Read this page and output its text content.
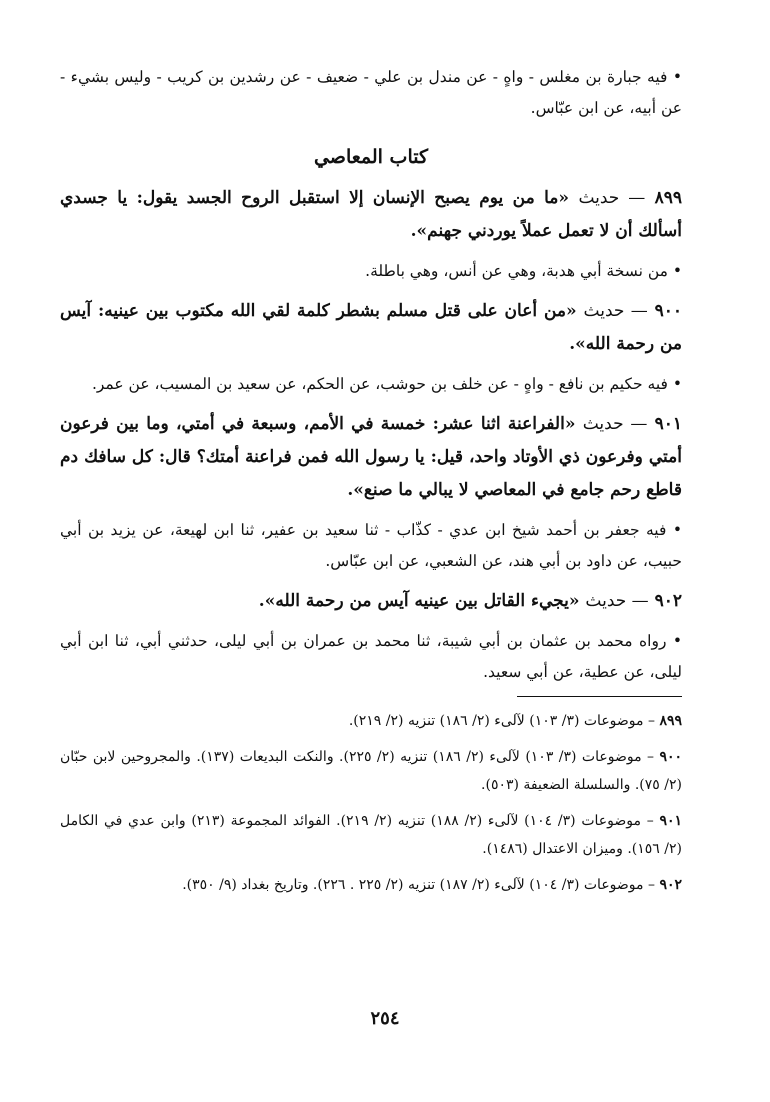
• فيه جبارة بن مغلس - واهٍ - عن مندل بن علي - ضعيف - عن رشدين بن كريب - وليس بشيء - عن أبيه، عن ابن عبّاس.

كتاب المعاصي

٨٩٩ — حديث «ما من يوم يصبح الإنسان إلا استقبل الروح الجسد يقول: يا جسدي أسألك أن لا تعمل عملاً يوردني جهنم».

• من نسخة أبي هدبة، وهي عن أنس، وهي باطلة.

٩٠٠ — حديث «من أعان على قتل مسلم بشطر كلمة لقي الله مكتوب بين عينيه: آيس من رحمة الله».

• فيه حكيم بن نافع - واهٍ - عن خلف بن حوشب، عن الحكم، عن سعيد بن المسيب، عن عمر.

٩٠١ — حديث «الفراعنة اثنا عشر: خمسة في الأمم، وسبعة في أمتي، وما بين فرعون أمتي وفرعون ذي الأوتاد واحد، قيل: يا رسول الله فمن فراعنة أمتك؟ قال: كل سافك دم قاطع رحم جامع في المعاصي لا يبالي ما صنع».

• فيه جعفر بن أحمد شيخ ابن عدي - كذّاب - ثنا سعيد بن عفير، ثنا ابن لهيعة، عن يزيد بن أبي حبيب، عن داود بن أبي هند، عن الشعبي، عن ابن عبّاس.

٩٠٢ — حديث «يجيء القاتل بين عينيه آيس من رحمة الله».

• رواه محمد بن عثمان بن أبي شيبة، ثنا محمد بن عمران بن أبي ليلى، حدثني أبي، ثنا ابن أبي ليلى، عن عطية، عن أبي سعيد.

٨٩٩ – موضوعات (٣/ ١٠٣) لآلىء (٢/ ١٨٦) تنزيه (٢/ ٢١٩).

٩٠٠ – موضوعات (٣/ ١٠٣) لآلىء (٢/ ١٨٦) تنزيه (٢/ ٢٢٥). والنكت البديعات (١٣٧). والمجروحين لابن حبّان (٢/ ٧٥). والسلسلة الضعيفة (٥٠٣).

٩٠١ – موضوعات (٣/ ١٠٤) لآلىء (٢/ ١٨٨) تنزيه (٢/ ٢١٩). الفوائد المجموعة (٢١٣) وابن عدي في الكامل (٢/ ١٥٦). وميزان الاعتدال (١٤٨٦).

٩٠٢ – موضوعات (٣/ ١٠٤) لآلىء (٢/ ١٨٧) تنزيه (٢/ ٢٢٥ . ٢٢٦). وتاريخ بغداد (٩/ ٣٥٠).

٢٥٤
